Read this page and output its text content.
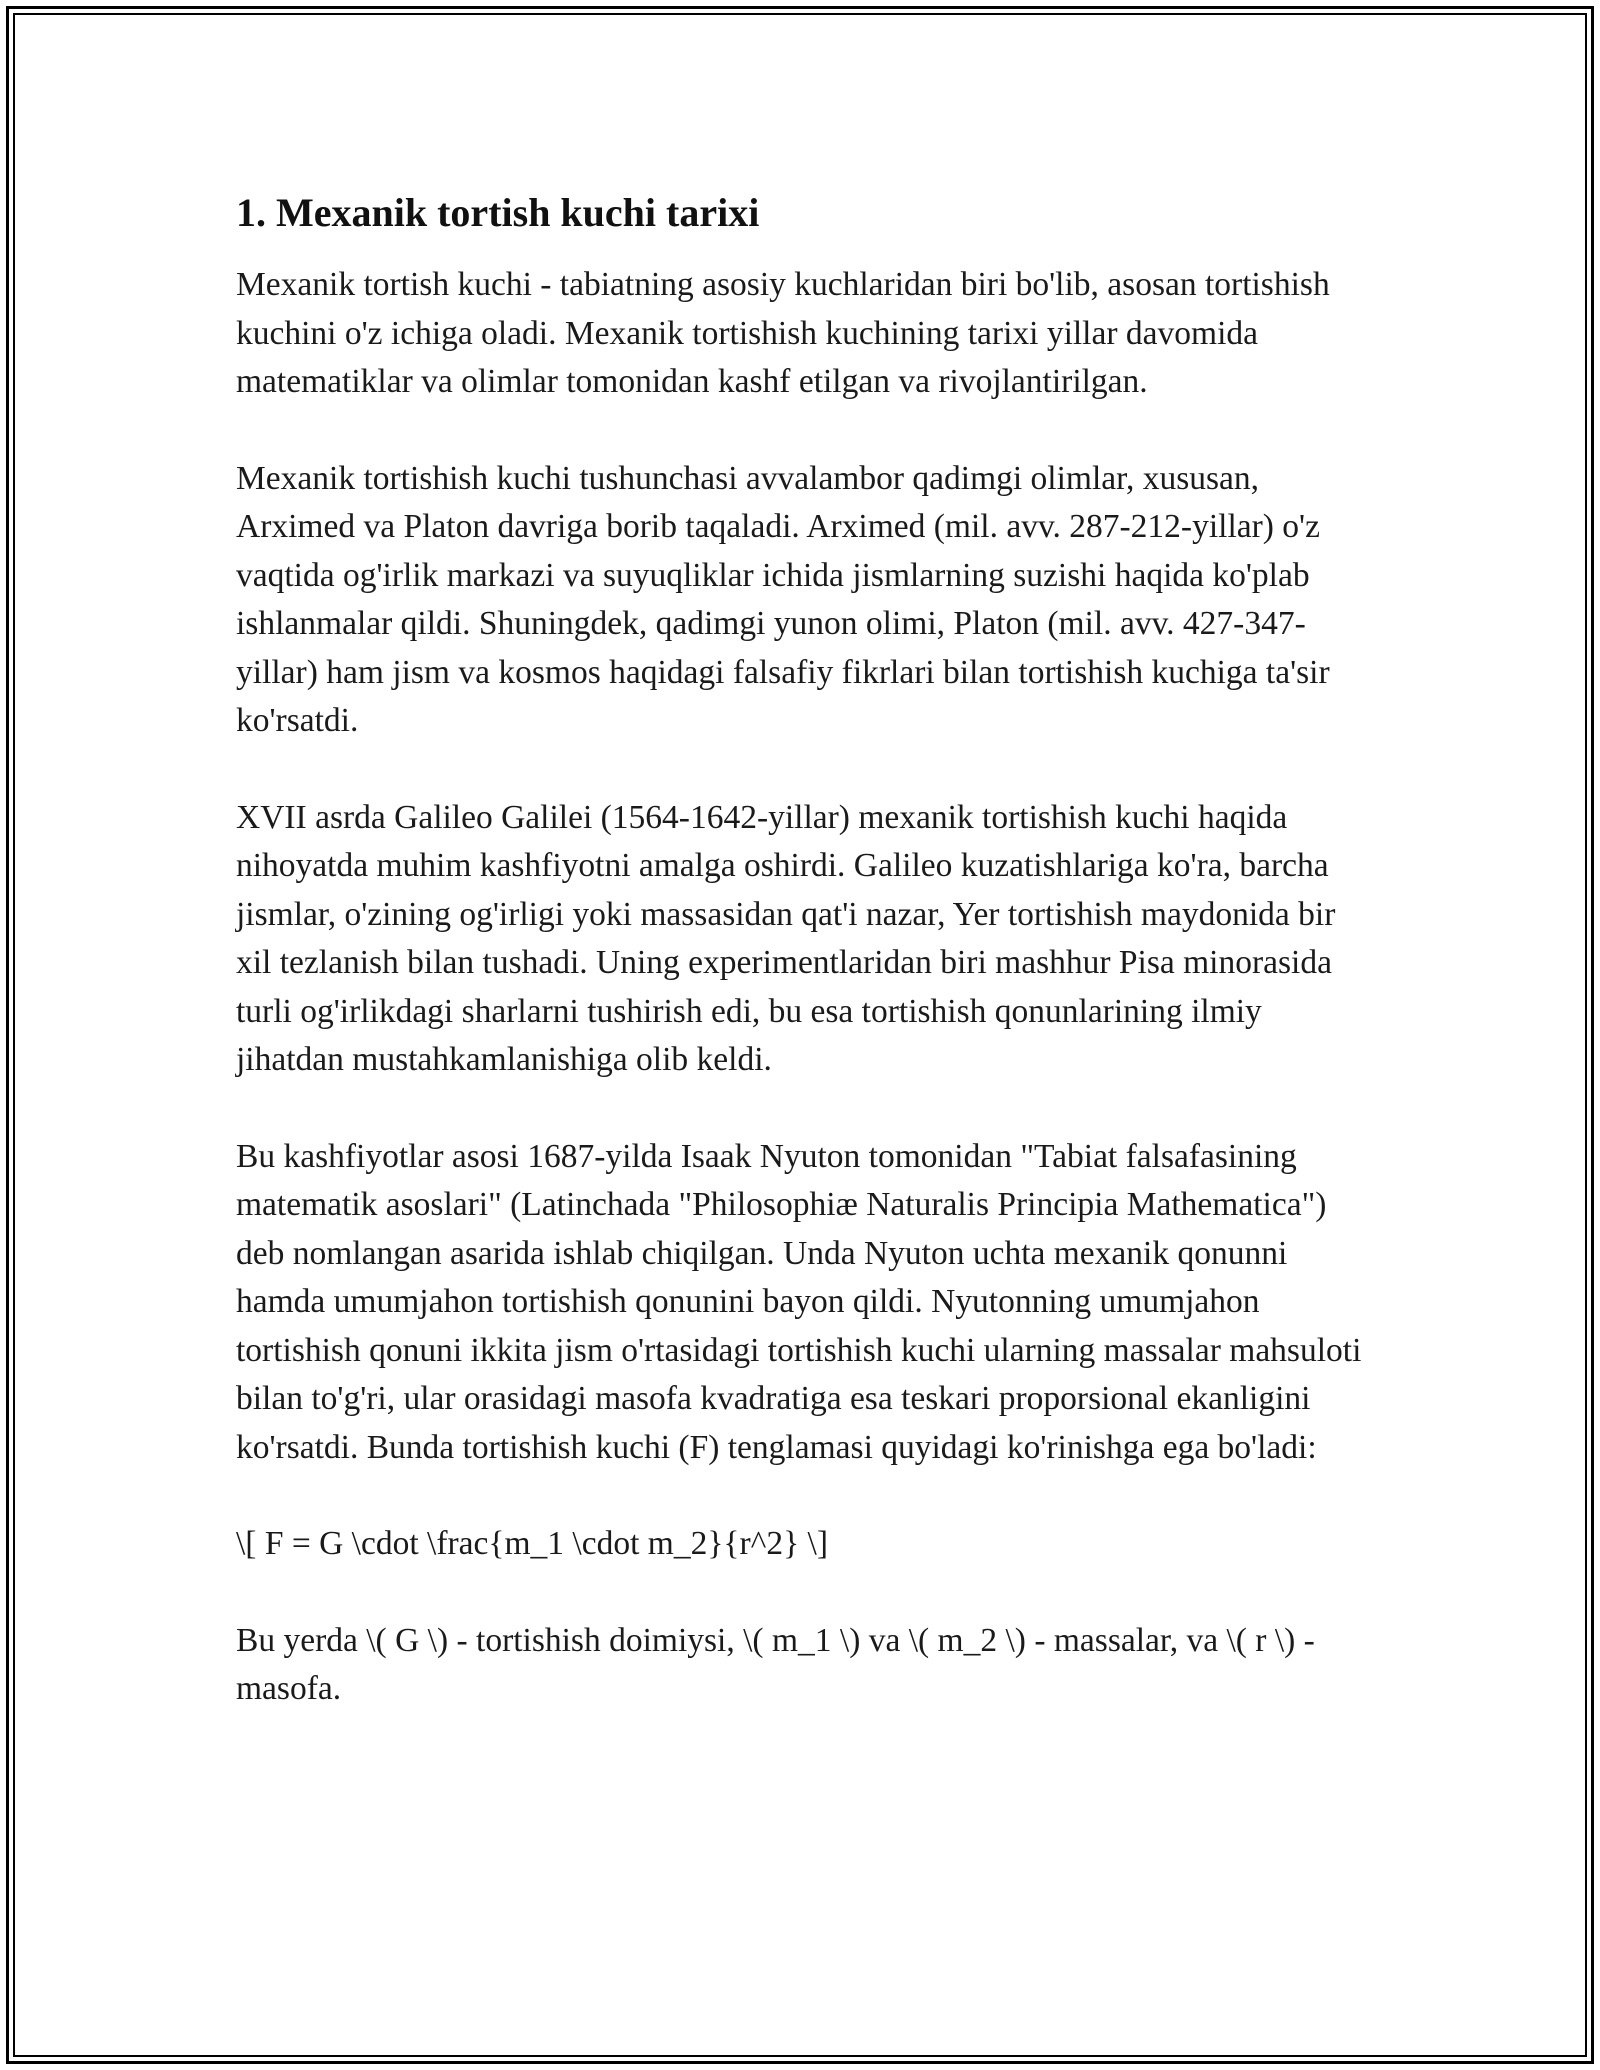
1. Mexanik tortish kuchi tarixi

Mexanik tortish kuchi - tabiatning asosiy kuchlaridan biri bo'lib, asosan tortishish kuchini o'z ichiga oladi. Mexanik tortishish kuchining tarixi yillar davomida matematiklar va olimlar tomonidan kashf etilgan va rivojlantirilgan.

Mexanik tortishish kuchi tushunchasi avvalambor qadimgi olimlar, xususan, Arximed va Platon davriga borib taqaladi. Arximed (mil. avv. 287-212-yillar) o'z vaqtida og'irlik markazi va suyuqliklar ichida jismlarning suzishi haqida ko'plab ishlanmalar qildi. Shuningdek, qadimgi yunon olimi, Platon (mil. avv. 427-347-yillar) ham jism va kosmos haqidagi falsafiy fikrlari bilan tortishish kuchiga ta'sir ko'rsatdi.

XVII asrda Galileo Galilei (1564-1642-yillar) mexanik tortishish kuchi haqida nihoyatda muhim kashfiyotni amalga oshirdi. Galileo kuzatishlariga ko'ra, barcha jismlar, o'zining og'irligi yoki massasidan qat'i nazar, Yer tortishish maydonida bir xil tezlanish bilan tushadi. Uning experimentlaridan biri mashhur Pisa minorasida turli og'irlikdagi sharlarni tushirish edi, bu esa tortishish qonunlarining ilmiy jihatdan mustahkamlanishiga olib keldi.

Bu kashfiyotlar asosi 1687-yilda Isaak Nyuton tomonidan "Tabiat falsafasining matematik asoslari" (Latinchada "Philosophiæ Naturalis Principia Mathematica") deb nomlangan asarida ishlab chiqilgan. Unda Nyuton uchta mexanik qonunni hamda umumjahon tortishish qonunini bayon qildi. Nyutonning umumjahon tortishish qonuni ikkita jism o'rtasidagi tortishish kuchi ularning massalar mahsuloti bilan to'g'ri, ular orasidagi masofa kvadratiga esa teskari proporsional ekanligini ko'rsatdi. Bunda tortishish kuchi (F) tenglamasi quyidagi ko'rinishga ega bo'ladi:

\[ F = G \cdot \frac{m_1 \cdot m_2}{r^2} \]

Bu yerda \( G \) - tortishish doimiysi, \( m_1 \) va \( m_2 \) - massalar, va \( r \) - masofa.
